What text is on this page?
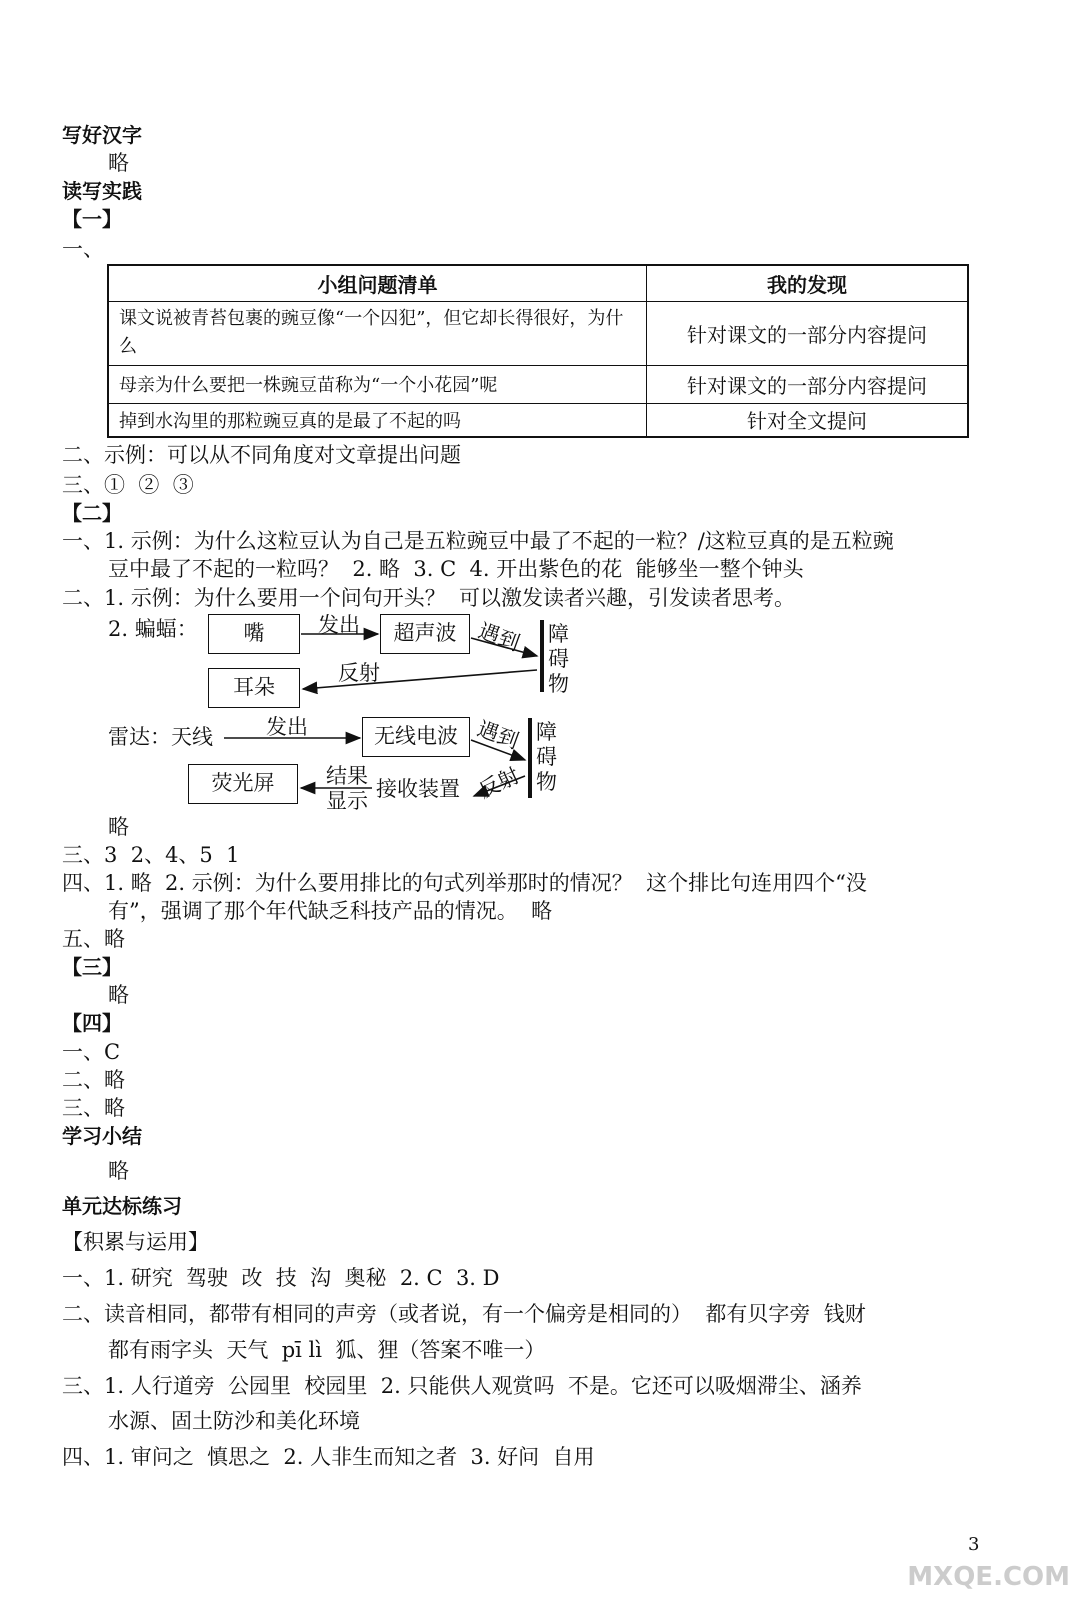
写好汉字
略
读写实践
【一】
一、
小组问题清单	我的发现
课文说被青苔包裹的豌豆像“一个囚犯”，但它却长得很好，为什么	针对课文的一部分内容提问
母亲为什么要把一株豌豆苗称为“一个小花园”呢	针对课文的一部分内容提问
掉到水沟里的那粒豌豆真的是最了不起的吗	针对全文提问
二、示例：可以从不同角度对文章提出问题
三、①  ②  ③
【二】
一、1. 示例：为什么这粒豆认为自己是五粒豌豆中最了不起的一粒？/这粒豆真的是五粒豌
豆中最了不起的一粒吗？  2. 略  3. C  4. 开出紫色的花  能够坐一整个钟头
二、1. 示例：为什么要用一个问句开头？  可以激发读者兴趣，引发读者思考。
2. 蝙蝠：	嘴	发出	超声波 遇到 障
碍
物
反射
耳朵
雷达：天线	发出	无线电波 遇到 障
碍
物
荧光屏	结果
显示 接收装置 反射
略
三、3  2、4、5  1
四、1. 略  2. 示例：为什么要用排比的句式列举那时的情况？  这个排比句连用四个“没
有”，强调了那个年代缺乏科技产品的情况。  略
五、略
【三】
略
【四】
一、C
二、略
三、略
学习小结
略
单元达标练习
【积累与运用】
一、1. 研究  驾驶  改  技  沟  奥秘  2. C  3. D
二、读音相同，都带有相同的声旁（或者说，有一个偏旁是相同的）  都有贝字旁  钱财
都有雨字头  天气  pī lì  狐、狸（答案不唯一）
三、1. 人行道旁  公园里  校园里  2. 只能供人观赏吗  不是。它还可以吸烟滞尘、涵养
水源、固土防沙和美化环境
四、1. 审问之  慎思之  2. 人非生而知之者  3. 好问  自用
3
MXQE.COM
